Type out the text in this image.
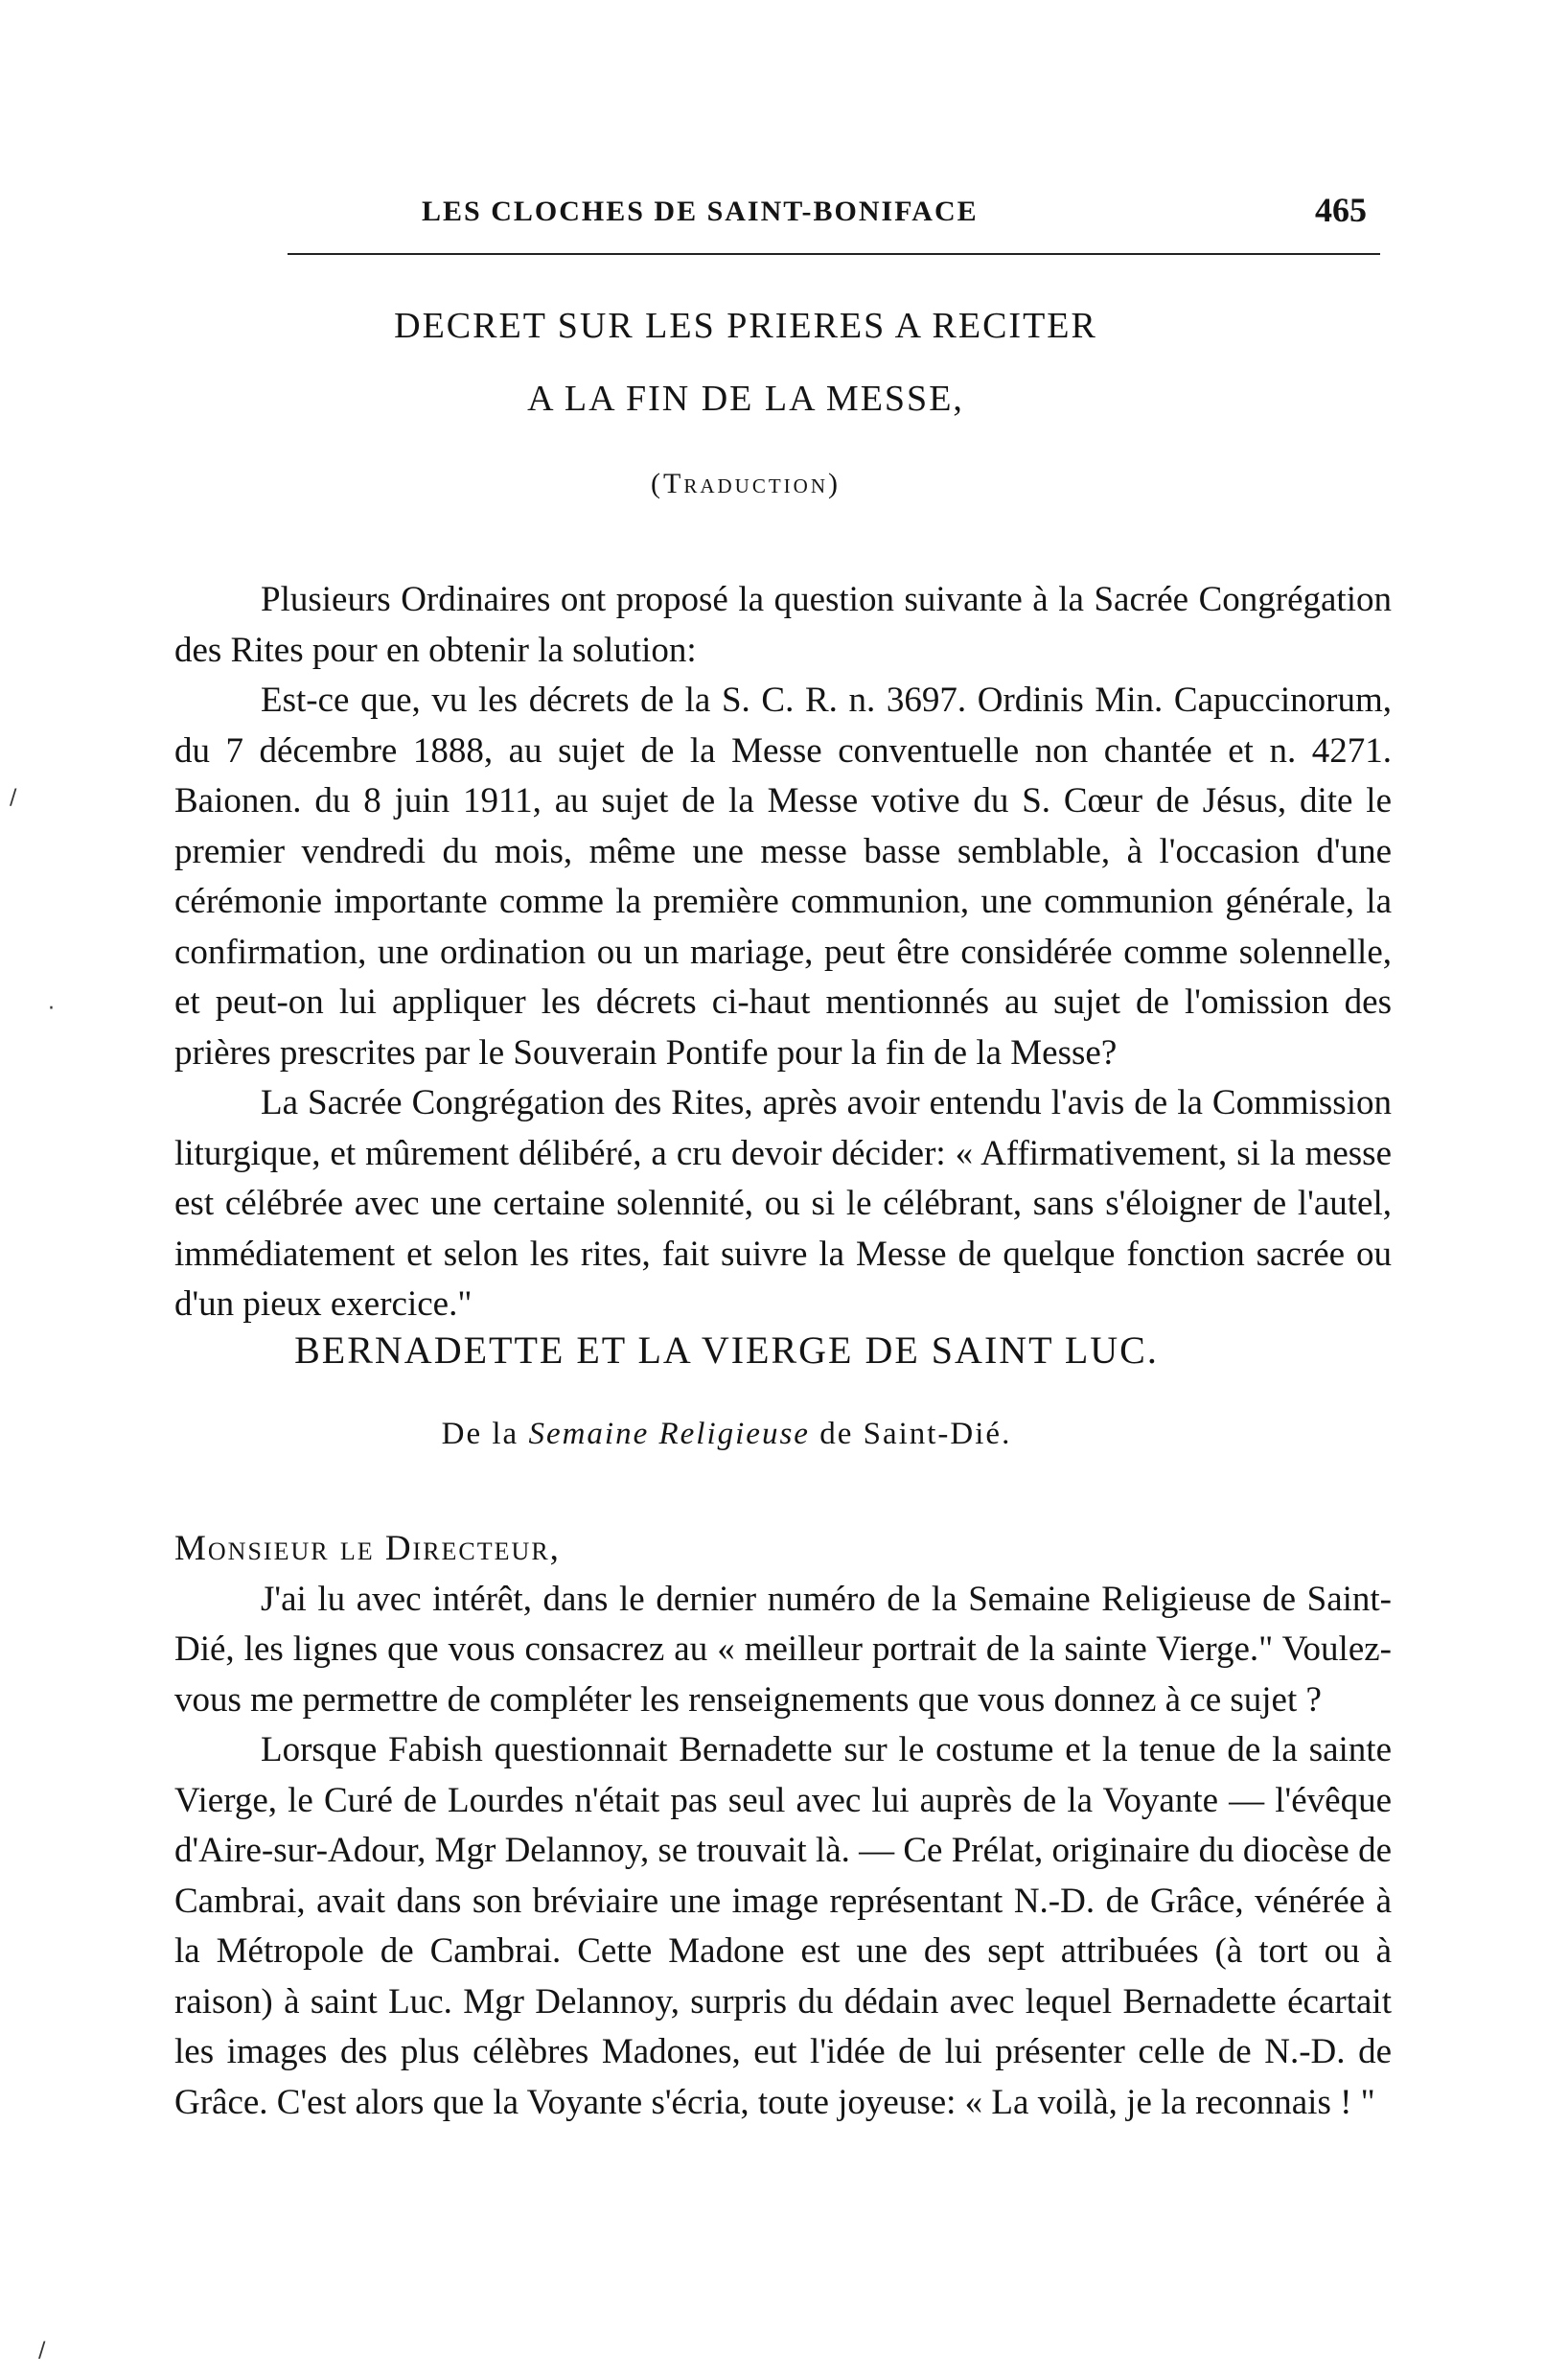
LES CLOCHES DE SAINT-BONIFACE	465
DECRET SUR LES PRIERES A RECITER
A LA FIN DE LA MESSE,
(Traduction)

Plusieurs Ordinaires ont proposé la question suivante à la Sacrée Congrégation des Rites pour en obtenir la solution:

Est-ce que, vu les décrets de la S. C. R. n. 3697. Ordinis Min. Capuccinorum, du 7 décembre 1888, au sujet de la Messe conventuelle non chantée et n. 4271. Baionen. du 8 juin 1911, au sujet de la Messe votive du S. Cœur de Jésus, dite le premier vendredi du mois, même une messe basse semblable, à l'occasion d'une cérémonie importante comme la première communion, une communion générale, la confirmation, une ordination ou un mariage, peut être considérée comme solennelle, et peut-on lui appliquer les décrets ci-haut mentionnés au sujet de l'omission des prières prescrites par le Souverain Pontife pour la fin de la Messe?

La Sacrée Congrégation des Rites, après avoir entendu l'avis de la Commission liturgique, et mûrement délibéré, a cru devoir décider: « Affirmativement, si la messe est célébrée avec une certaine solennité, ou si le célébrant, sans s'éloigner de l'autel, immédiatement et selon les rites, fait suivre la Messe de quelque fonction sacrée ou d'un pieux exercice."

BERNADETTE ET LA VIERGE DE SAINT LUC.
De la Semaine Religieuse de Saint-Dié.

Monsieur le Directeur,

J'ai lu avec intérêt, dans le dernier numéro de la Semaine Religieuse de Saint-Dié, les lignes que vous consacrez au « meilleur portrait de la sainte Vierge." Voulez-vous me permettre de compléter les renseignements que vous donnez à ce sujet ?

Lorsque Fabish questionnait Bernadette sur le costume et la tenue de la sainte Vierge, le Curé de Lourdes n'était pas seul avec lui auprès de la Voyante — l'évêque d'Aire-sur-Adour, Mgr Delannoy, se trouvait là. — Ce Prélat, originaire du diocèse de Cambrai, avait dans son bréviaire une image représentant N.-D. de Grâce, vénérée à la Métropole de Cambrai. Cette Madone est une des sept attribuées (à tort ou à raison) à saint Luc. Mgr Delannoy, surpris du dédain avec lequel Bernadette écartait les images des plus célèbres Madones, eut l'idée de lui présenter celle de N.-D. de Grâce. C'est alors que la Voyante s'écria, toute joyeuse: « La voilà, je la reconnais ! "

/
·
/
